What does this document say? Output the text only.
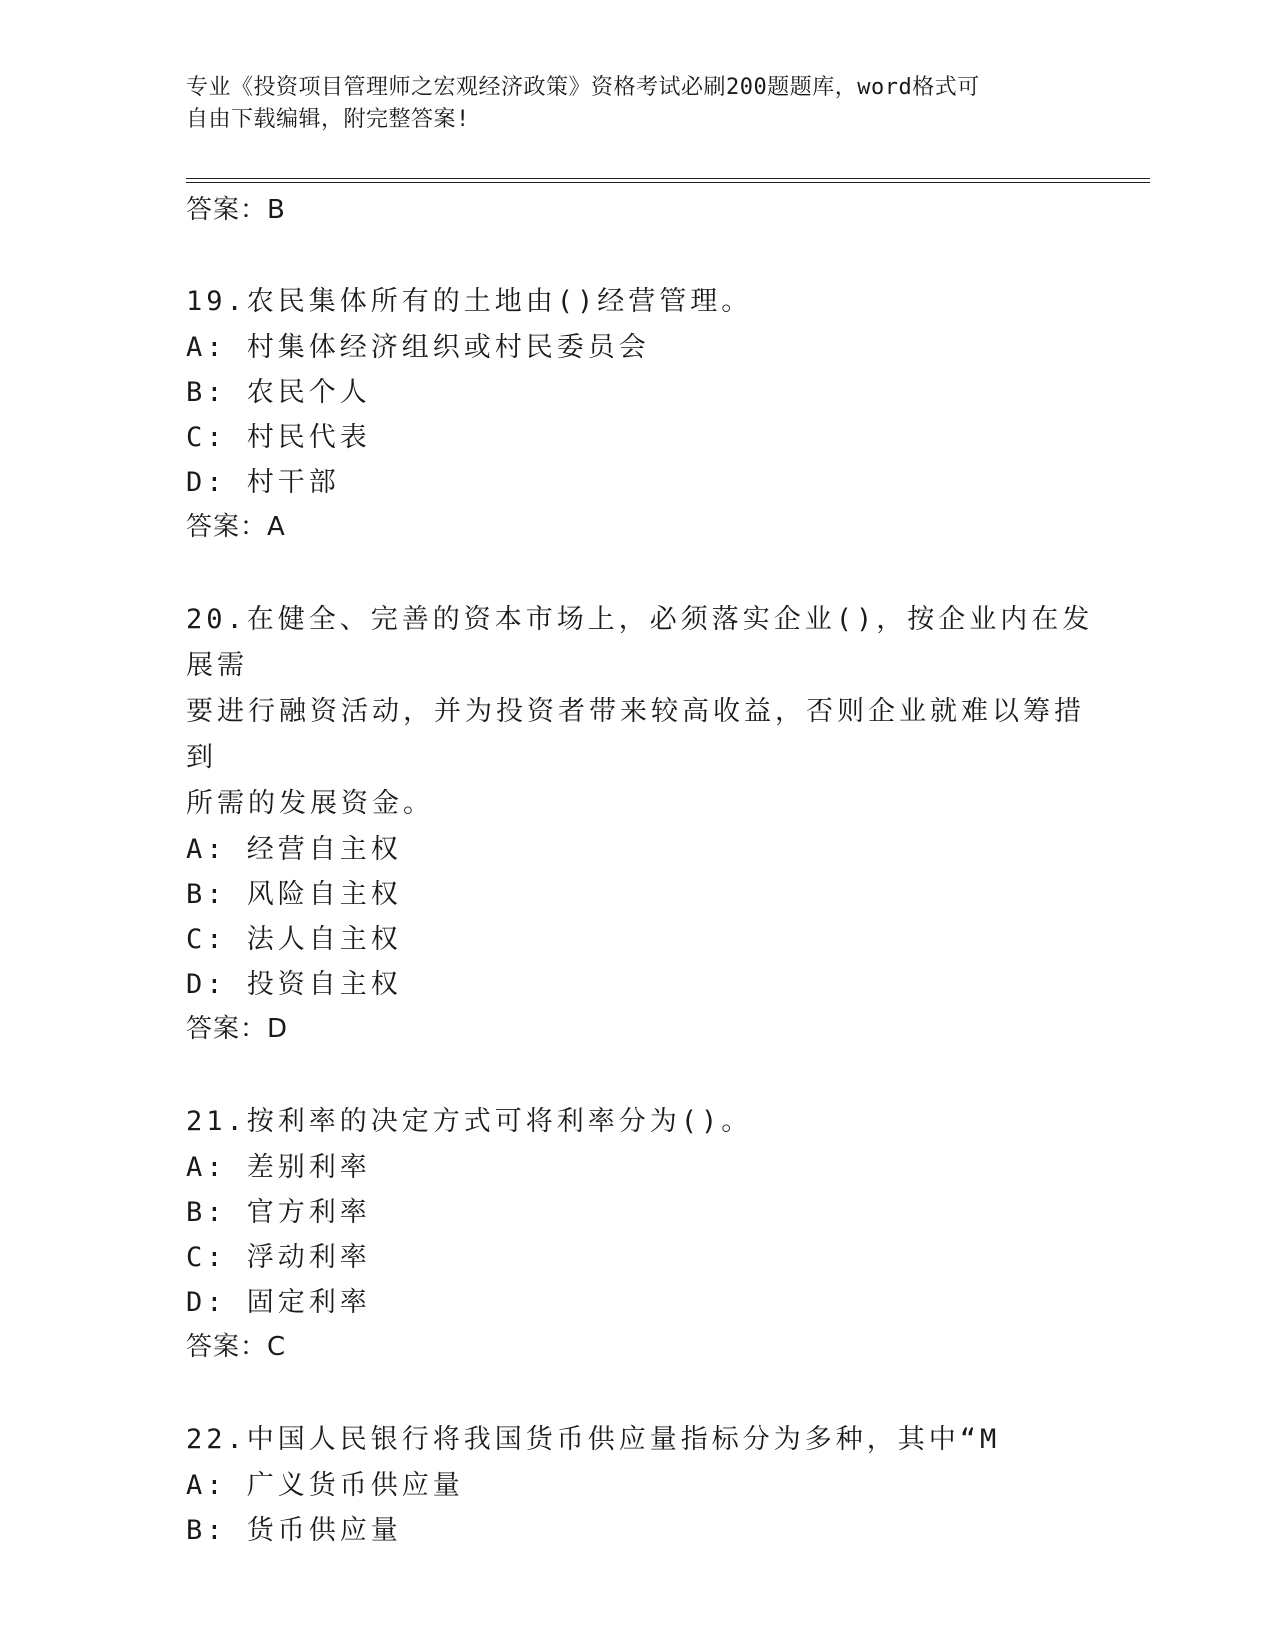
专业《投资项目管理师之宏观经济政策》资格考试必刷200题题库，word格式可
自由下载编辑，附完整答案!
答案：B
19.农民集体所有的土地由()经营管理。
A: 村集体经济组织或村民委员会
B: 农民个人
C: 村民代表
D: 村干部
答案：A
20.在健全、完善的资本市场上，必须落实企业()，按企业内在发展需
要进行融资活动，并为投资者带来较高收益，否则企业就难以筹措到
所需的发展资金。
A: 经营自主权
B: 风险自主权
C: 法人自主权
D: 投资自主权
答案：D
21.按利率的决定方式可将利率分为()。
A: 差别利率
B: 官方利率
C: 浮动利率
D: 固定利率
答案：C
22.中国人民银行将我国货币供应量指标分为多种，其中“M
A: 广义货币供应量
B: 货币供应量
